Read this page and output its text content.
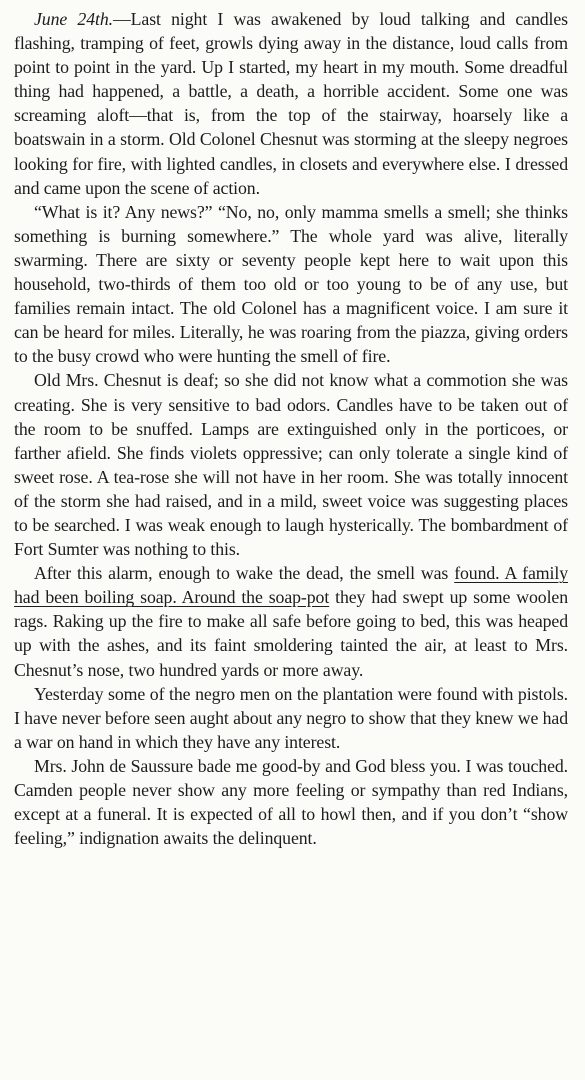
June 24th.—Last night I was awakened by loud talking and candles flashing, tramping of feet, growls dying away in the distance, loud calls from point to point in the yard. Up I started, my heart in my mouth. Some dreadful thing had happened, a battle, a death, a horrible accident. Some one was screaming aloft—that is, from the top of the stairway, hoarsely like a boatswain in a storm. Old Colonel Chesnut was storming at the sleepy negroes looking for fire, with lighted candles, in closets and everywhere else. I dressed and came upon the scene of action.

“What is it? Any news?” “No, no, only mamma smells a smell; she thinks something is burning somewhere.” The whole yard was alive, literally swarming. There are sixty or seventy people kept here to wait upon this household, two-thirds of them too old or too young to be of any use, but families remain intact. The old Colonel has a magnificent voice. I am sure it can be heard for miles. Literally, he was roaring from the piazza, giving orders to the busy crowd who were hunting the smell of fire.

Old Mrs. Chesnut is deaf; so she did not know what a commotion she was creating. She is very sensitive to bad odors. Candles have to be taken out of the room to be snuffed. Lamps are extinguished only in the porticoes, or farther afield. She finds violets oppressive; can only tolerate a single kind of sweet rose. A tea-rose she will not have in her room. She was totally innocent of the storm she had raised, and in a mild, sweet voice was suggesting places to be searched. I was weak enough to laugh hysterically. The bombardment of Fort Sumter was nothing to this.

After this alarm, enough to wake the dead, the smell was found. A family had been boiling soap. Around the soap-pot they had swept up some woolen rags. Raking up the fire to make all safe before going to bed, this was heaped up with the ashes, and its faint smoldering tainted the air, at least to Mrs. Chesnut’s nose, two hundred yards or more away.

Yesterday some of the negro men on the plantation were found with pistols. I have never before seen aught about any negro to show that they knew we had a war on hand in which they have any interest.

Mrs. John de Saussure bade me good-by and God bless you. I was touched. Camden people never show any more feeling or sympathy than red Indians, except at a funeral. It is expected of all to howl then, and if you don’t “show feeling,” indignation awaits the delinquent.
